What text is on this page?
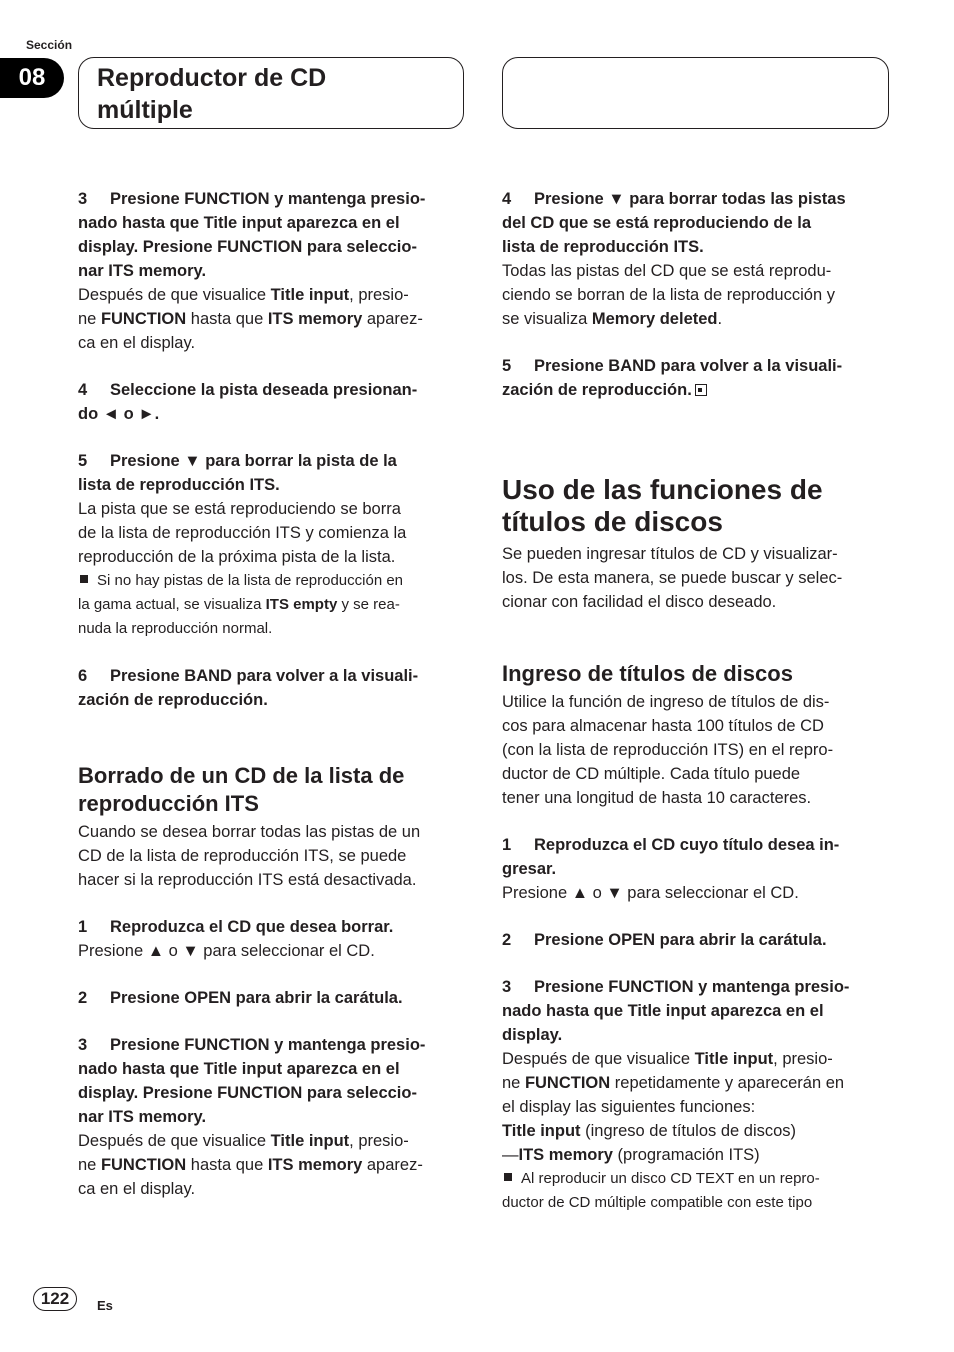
Sección
08	Reproductor de CD
múltiple
3 Presione FUNCTION y mantenga presio-
nado hasta que Title input aparezca en el
display. Presione FUNCTION para seleccio-
nar ITS memory.
Después de que visualice Title input, presio-
ne FUNCTION hasta que ITS memory aparez-
ca en el display.
4 Seleccione la pista deseada presionan-
do ◄ o ►.
5 Presione ▼ para borrar la pista de la
lista de reproducción ITS.
La pista que se está reproduciendo se borra
de la lista de reproducción ITS y comienza la
reproducción de la próxima pista de la lista.
Si no hay pistas de la lista de reproducción en
la gama actual, se visualiza ITS empty y se rea-
nuda la reproducción normal.
6 Presione BAND para volver a la visuali-
zación de reproducción.
Borrado de un CD de la lista de
reproducción ITS
Cuando se desea borrar todas las pistas de un
CD de la lista de reproducción ITS, se puede
hacer si la reproducción ITS está desactivada.
1 Reproduzca el CD que desea borrar.
Presione ▲ o ▼ para seleccionar el CD.
2 Presione OPEN para abrir la carátula.
3 Presione FUNCTION y mantenga presio-
nado hasta que Title input aparezca en el
display. Presione FUNCTION para seleccio-
nar ITS memory.
Después de que visualice Title input, presio-
ne FUNCTION hasta que ITS memory aparez-
ca en el display.
4 Presione ▼ para borrar todas las pistas
del CD que se está reproduciendo de la
lista de reproducción ITS.
Todas las pistas del CD que se está reprodu-
ciendo se borran de la lista de reproducción y
se visualiza Memory deleted.
5 Presione BAND para volver a la visuali-
zación de reproducción.
Uso de las funciones de
títulos de discos
Se pueden ingresar títulos de CD y visualizar-
los. De esta manera, se puede buscar y selec-
cionar con facilidad el disco deseado.
Ingreso de títulos de discos
Utilice la función de ingreso de títulos de dis-
cos para almacenar hasta 100 títulos de CD
(con la lista de reproducción ITS) en el repro-
ductor de CD múltiple. Cada título puede
tener una longitud de hasta 10 caracteres.
1 Reproduzca el CD cuyo título desea in-
gresar.
Presione ▲ o ▼ para seleccionar el CD.
2 Presione OPEN para abrir la carátula.
3 Presione FUNCTION y mantenga presio-
nado hasta que Title input aparezca en el
display.
Después de que visualice Title input, presio-
ne FUNCTION repetidamente y aparecerán en
el display las siguientes funciones:
Title input (ingreso de títulos de discos)
—ITS memory (programación ITS)
Al reproducir un disco CD TEXT en un repro-
ductor de CD múltiple compatible con este tipo
122	Es
